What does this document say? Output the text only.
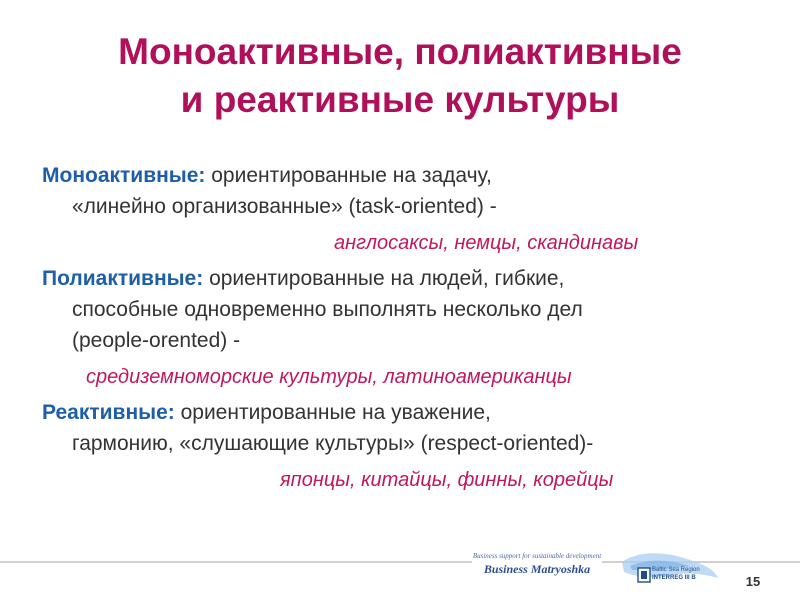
Моноактивные, полиактивные
и реактивные культуры
Моноактивные: ориентированные на задачу,
«линейно организованные» (task-oriented) -
англосаксы, немцы, скандинавы
Полиактивные: ориентированные на людей, гибкие,
способные одновременно выполнять несколько дел
(people-orented) -
средиземноморские культуры, латиноамериканцы
Реактивные: ориентированные на уважение,
гармонию, «слушающие культуры» (respect-oriented)-
японцы, китайцы, финны, корейцы
Business support for sustainable development
Business Matryoshka	Baltic Sea Region
INTERREG III B	15
